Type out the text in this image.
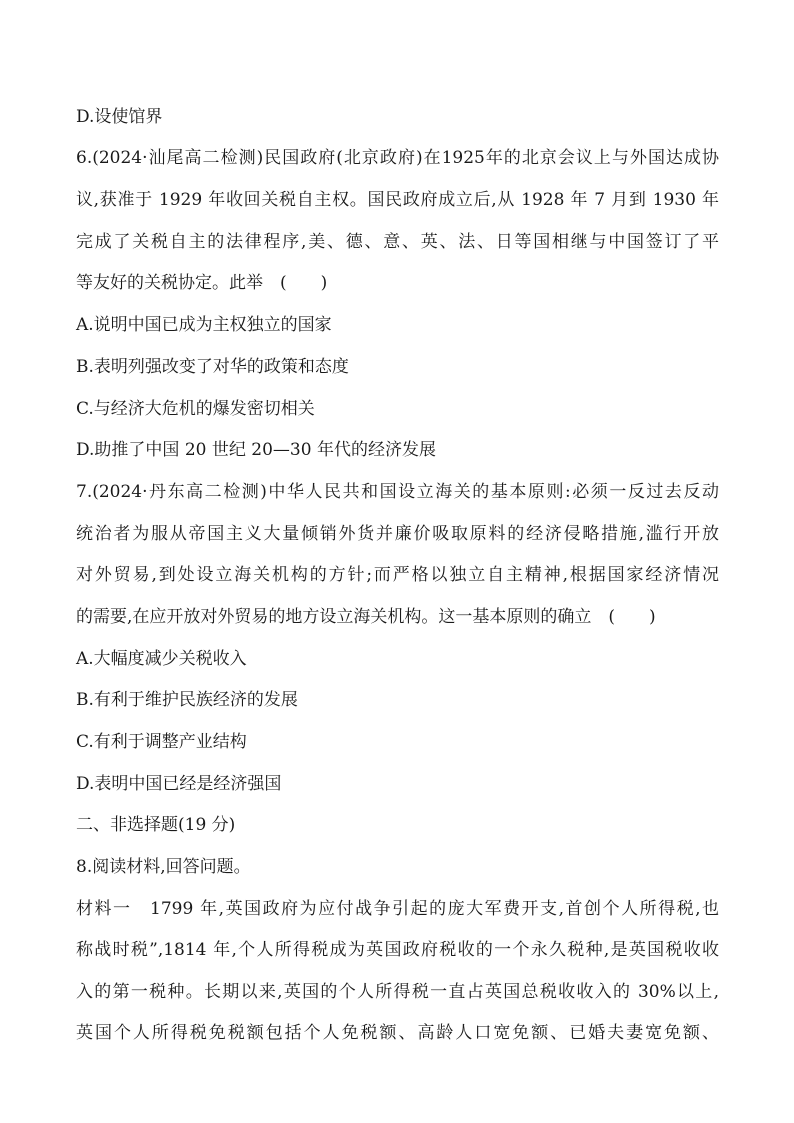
D.设使馆界
6.(2024·汕尾高二检测)民国政府(北京政府)在1925年的北京会议上与外国达成协
议,获准于 1929 年收回关税自主权。国民政府成立后,从 1928 年 7 月到 1930 年
完成了关税自主的法律程序,美、德、意、英、法、日等国相继与中国签订了平
等友好的关税协定。此举　(　　)
A.说明中国已成为主权独立的国家
B.表明列强改变了对华的政策和态度
C.与经济大危机的爆发密切相关
D.助推了中国 20 世纪 20—30 年代的经济发展
7.(2024·丹东高二检测)中华人民共和国设立海关的基本原则:必须一反过去反动
统治者为服从帝国主义大量倾销外货并廉价吸取原料的经济侵略措施,滥行开放
对外贸易,到处设立海关机构的方针;而严格以独立自主精神,根据国家经济情况
的需要,在应开放对外贸易的地方设立海关机构。这一基本原则的确立　(　　)
A.大幅度减少关税收入
B.有利于维护民族经济的发展
C.有利于调整产业结构
D.表明中国已经是经济强国
二、非选择题(19 分)
8.阅读材料,回答问题。
材料一　1799 年,英国政府为应付战争引起的庞大军费开支,首创个人所得税,也
称战时税”,1814 年,个人所得税成为英国政府税收的一个永久税种,是英国税收收
入的第一税种。长期以来,英国的个人所得税一直占英国总税收收入的 30%以上,
英国个人所得税免税额包括个人免税额、高龄人口宽免额、已婚夫妻宽免额、
